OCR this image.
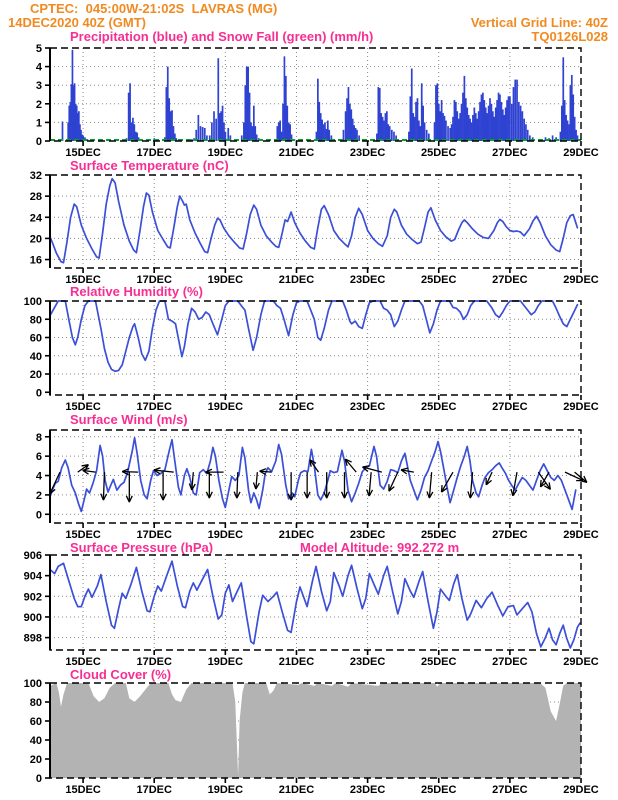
CPTEC:  045:00W-21:02S  LAVRAS (MG)
14DEC2020 40Z (GMT)	Vertical Grid Line: 40Z
Precipitation (blue) and Snow Fall (green) (mm/h)	TQ0126L028
Surface Temperature (nC)
Relative Humidity (%)
Surface Wind (m/s)
Surface Pressure (hPa)	Model Altitude: 992.272 m
Cloud Cover (%)
0
1
2
3
4
5
15DEC	17DEC	19DEC	21DEC	23DEC	25DEC	27DEC	29DEC
16
20
24
28
32
15DEC	17DEC	19DEC	21DEC	23DEC	25DEC	27DEC	29DEC
0
20
40
60
80
100
15DEC	17DEC	19DEC	21DEC	23DEC	25DEC	27DEC	29DEC
0
2
4
6
8
15DEC	17DEC	19DEC	21DEC	23DEC	25DEC	27DEC	29DEC
898
900
902
904
906
15DEC	17DEC	19DEC	21DEC	23DEC	25DEC	27DEC	29DEC
0
20
40
60
80
100
15DEC	17DEC	19DEC	21DEC	23DEC	25DEC	27DEC	29DEC
